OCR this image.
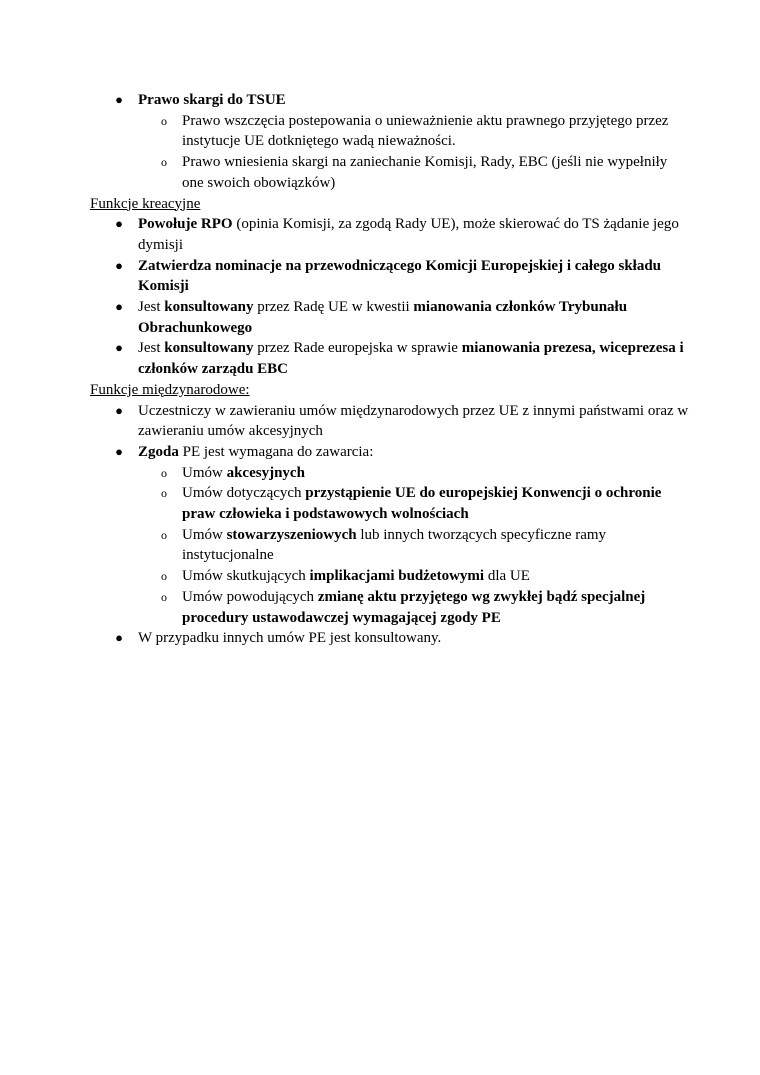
● Prawo skargi do TSUE
o Prawo wszczęcia postepowania o unieważnienie aktu prawnego przyjętego przez instytucje UE dotkniętego wadą nieważności.
o Prawo wniesienia skargi na zaniechanie Komisji, Rady, EBC (jeśli nie wypełniły one swoich obowiązków)
Funkcje kreacyjne
● Powołuje RPO (opinia Komisji, za zgodą Rady UE), może skierować do TS żądanie jego dymisji
● Zatwierdza nominacje na przewodniczącego Komicji Europejskiej i całego składu Komisji
● Jest konsultowany przez Radę UE w kwestii mianowania członków Trybunału Obrachunkowego
● Jest konsultowany przez Rade europejska w sprawie mianowania prezesa, wiceprezesa i członków zarządu EBC
Funkcje międzynarodowe:
● Uczestniczy w zawieraniu umów międzynarodowych przez UE z innymi państwami oraz w zawieraniu umów akcesyjnych
● Zgoda PE jest wymagana do zawarcia:
o Umów akcesyjnych
o Umów dotyczących przystąpienie UE do europejskiej Konwencji o ochronie praw człowieka i podstawowych wolnościach
o Umów stowarzyszeniowych lub innych tworzących specyficzne ramy instytucjonalne
o Umów skutkujących implikacjami budżetowymi dla UE
o Umów powodujących zmianę aktu przyjętego wg zwykłej bądź specjalnej procedury ustawodawczej wymagającej zgody PE
● W przypadku innych umów PE jest konsultowany.
